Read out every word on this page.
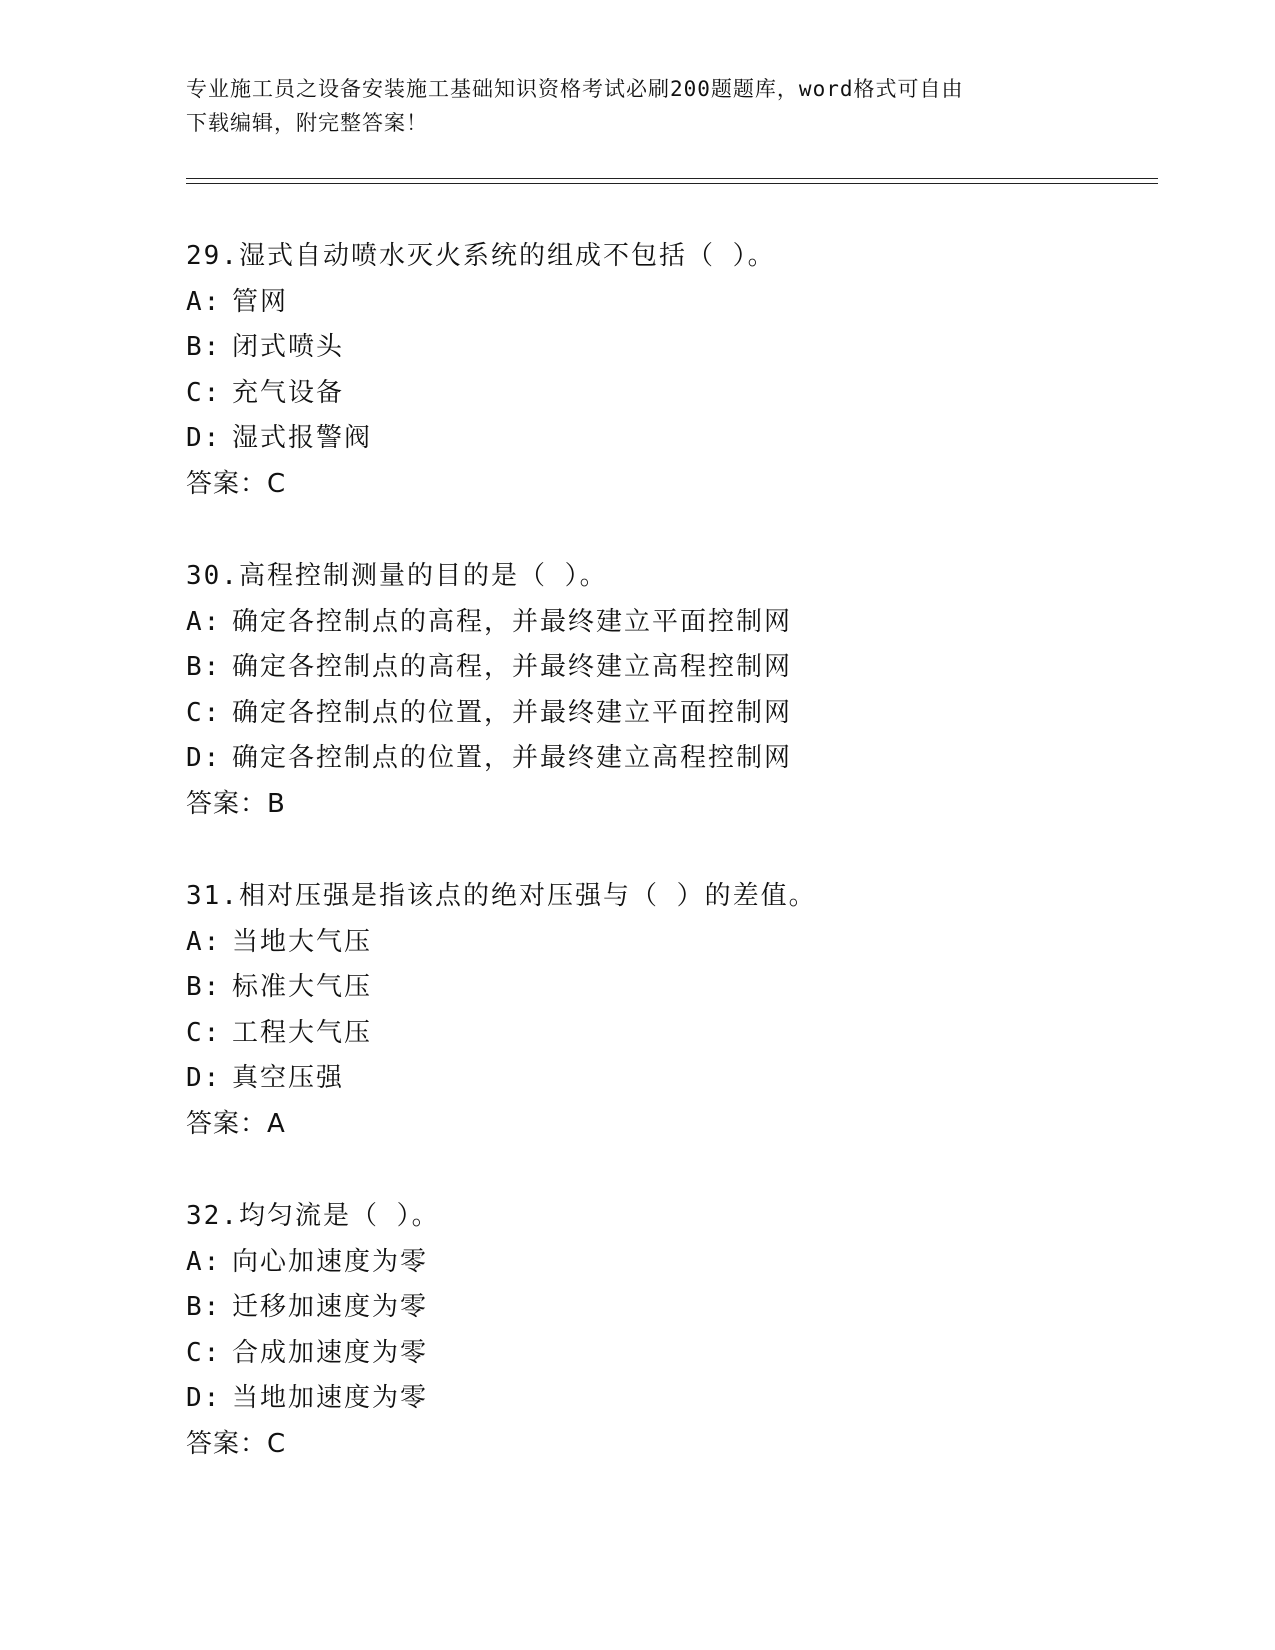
专业施工员之设备安装施工基础知识资格考试必刷200题题库，word格式可自由
下载编辑，附完整答案！
29.湿式自动喷水灭火系统的组成不包括（ ）。
A: 管网
B: 闭式喷头
C: 充气设备
D: 湿式报警阀
答案：C
30.高程控制测量的目的是（ ）。
A: 确定各控制点的高程，并最终建立平面控制网
B: 确定各控制点的高程，并最终建立高程控制网
C: 确定各控制点的位置，并最终建立平面控制网
D: 确定各控制点的位置，并最终建立高程控制网
答案：B
31.相对压强是指该点的绝对压强与（ ）的差值。
A: 当地大气压
B: 标准大气压
C: 工程大气压
D: 真空压强
答案：A
32.均匀流是（ ）。
A: 向心加速度为零
B: 迁移加速度为零
C: 合成加速度为零
D: 当地加速度为零
答案：C
